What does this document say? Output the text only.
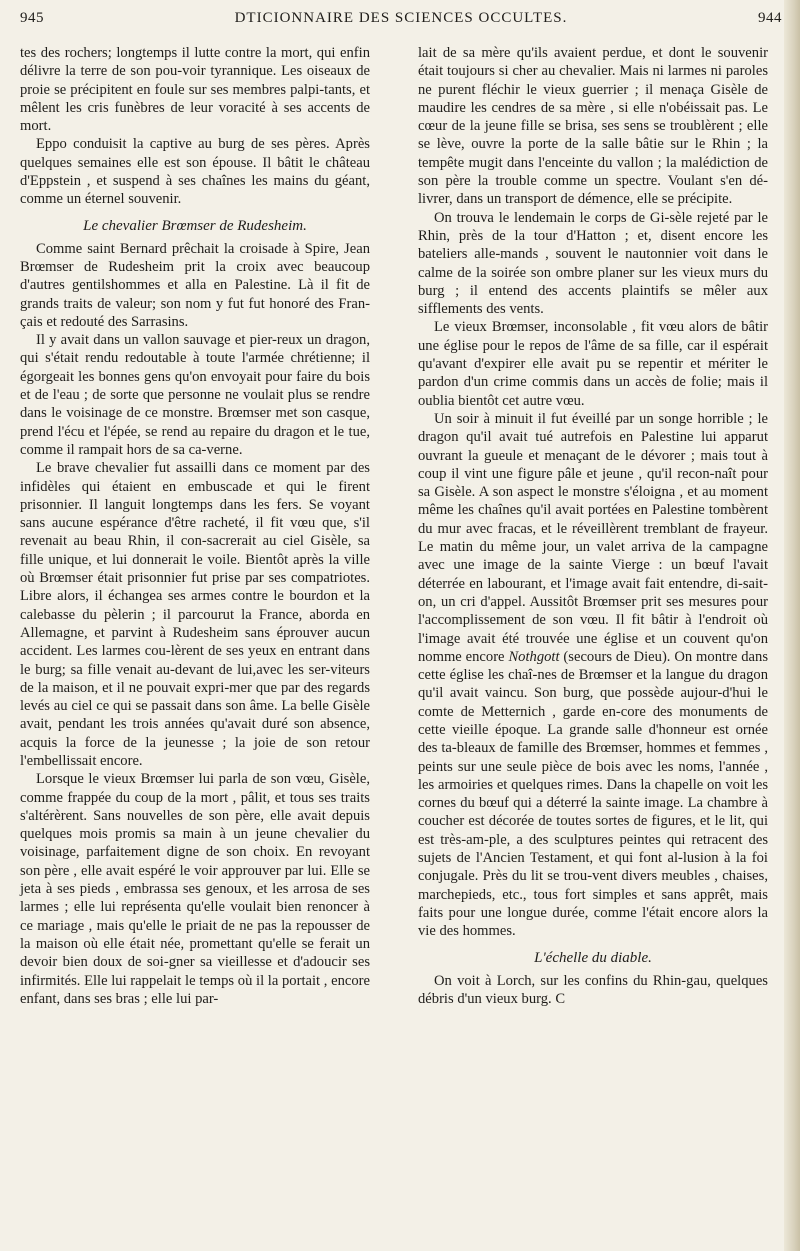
945	DTICIONNAIRE DES SCIENCES OCCULTES.	944

tes des rochers; longtemps il lutte contre la mort, qui enfin délivre la terre de son pou-voir tyrannique. Les oiseaux de proie se précipitent en foule sur ses membres palpi-tants, et mêlent les cris funèbres de leur voracité à ses accents de mort.

Eppo conduisit la captive au burg de ses pères. Après quelques semaines elle est son épouse. Il bâtit le château d'Eppstein , et suspend à ses chaînes les mains du géant, comme un éternel souvenir.

Le chevalier Brœmser de Rudesheim.

Comme saint Bernard prêchait la croisade à Spire, Jean Brœmser de Rudesheim prit la croix avec beaucoup d'autres gentilshommes et alla en Palestine. Là il fit de grands traits de valeur; son nom y fut fut honoré des Fran-çais et redouté des Sarrasins.

Il y avait dans un vallon sauvage et pier-reux un dragon, qui s'était rendu redoutable à toute l'armée chrétienne; il égorgeait les bonnes gens qu'on envoyait pour faire du bois et de l'eau ; de sorte que personne ne voulait plus se rendre dans le voisinage de ce monstre. Brœmser met son casque, prend l'écu et l'épée, se rend au repaire du dragon et le tue, comme il rampait hors de sa ca-verne.

Le brave chevalier fut assailli dans ce moment par des infidèles qui étaient en embuscade et qui le firent prisonnier. Il languit longtemps dans les fers. Se voyant sans aucune espérance d'être racheté, il fit vœu que, s'il revenait au beau Rhin, il con-sacrerait au ciel Gisèle, sa fille unique, et lui donnerait le voile. Bientôt après la ville où Brœmser était prisonnier fut prise par ses compatriotes. Libre alors, il échangea ses armes contre le bourdon et la calebasse du pèlerin ; il parcourut la France, aborda en Allemagne, et parvint à Rudesheim sans éprouver aucun accident. Les larmes cou-lèrent de ses yeux en entrant dans le burg; sa fille venait au-devant de lui,avec les ser-viteurs de la maison, et il ne pouvait expri-mer que par des regards levés au ciel ce qui se passait dans son âme. La belle Gisèle avait, pendant les trois années qu'avait duré son absence, acquis la force de la jeunesse ; la joie de son retour l'embellissait encore.

Lorsque le vieux Brœmser lui parla de son vœu, Gisèle, comme frappée du coup de la mort , pâlit, et tous ses traits s'altérèrent. Sans nouvelles de son père, elle avait depuis quelques mois promis sa main à un jeune chevalier du voisinage, parfaitement digne de son choix. En revoyant son père , elle avait espéré le voir approuver par lui. Elle se jeta à ses pieds , embrassa ses genoux, et les arrosa de ses larmes ; elle lui représenta qu'elle voulait bien renoncer à ce mariage , mais qu'elle le priait de ne pas la repousser de la maison où elle était née, promettant qu'elle se ferait un devoir bien doux de soi-gner sa vieillesse et d'adoucir ses infirmités. Elle lui rappelait le temps où il la portait , encore enfant, dans ses bras ; elle lui par-

lait de sa mère qu'ils avaient perdue, et dont le souvenir était toujours si cher au chevalier. Mais ni larmes ni paroles ne purent fléchir le vieux guerrier ; il menaça Gisèle de maudire les cendres de sa mère , si elle n'obéissait pas. Le cœur de la jeune fille se brisa, ses sens se troublèrent ; elle se lève, ouvre la porte de la salle bâtie sur le Rhin ; la tempête mugit dans l'enceinte du vallon ; la malédiction de son père la trouble comme un spectre. Voulant s'en dé-livrer, dans un transport de démence, elle se précipite.

On trouva le lendemain le corps de Gi-sèle rejeté par le Rhin, près de la tour d'Hatton ; et, disent encore les bateliers alle-mands , souvent le nautonnier voit dans le calme de la soirée son ombre planer sur les vieux murs du burg ; il entend des accents plaintifs se mêler aux sifflements des vents.

Le vieux Brœmser, inconsolable , fit vœu alors de bâtir une église pour le repos de l'âme de sa fille, car il espérait qu'avant d'expirer elle avait pu se repentir et mériter le pardon d'un crime commis dans un accès de folie; mais il oublia bientôt cet autre vœu.

Un soir à minuit il fut éveillé par un songe horrible ; le dragon qu'il avait tué autrefois en Palestine lui apparut ouvrant la gueule et menaçant de le dévorer ; mais tout à coup il vint une figure pâle et jeune , qu'il recon-naît pour sa Gisèle. A son aspect le monstre s'éloigna , et au moment même les chaînes qu'il avait portées en Palestine tombèrent du mur avec fracas, et le réveillèrent tremblant de frayeur. Le matin du même jour, un valet arriva de la campagne avec une image de la sainte Vierge : un bœuf l'avait déterrée en labourant, et l'image avait fait entendre, di-sait-on, un cri d'appel. Aussitôt Brœmser prit ses mesures pour l'accomplissement de son vœu. Il fit bâtir à l'endroit où l'image avait été trouvée une église et un couvent qu'on nomme encore Nothgott (secours de Dieu). On montre dans cette église les chaî-nes de Brœmser et la langue du dragon qu'il avait vaincu. Son burg, que possède aujour-d'hui le comte de Metternich , garde en-core des monuments de cette vieille époque. La grande salle d'honneur est ornée des ta-bleaux de famille des Brœmser, hommes et femmes , peints sur une seule pièce de bois avec les noms, l'année , les armoiries et quelques rimes. Dans la chapelle on voit les cornes du bœuf qui a déterré la sainte image. La chambre à coucher est décorée de toutes sortes de figures, et le lit, qui est très-am-ple, a des sculptures peintes qui retracent des sujets de l'Ancien Testament, et qui font al-lusion à la foi conjugale. Près du lit se trou-vent divers meubles , chaises, marchepieds, etc., tous fort simples et sans apprêt, mais faits pour une longue durée, comme l'était encore alors la vie des hommes.

L'échelle du diable.

On voit à Lorch, sur les confins du Rhin-gau, quelques débris d'un vieux burg. C
